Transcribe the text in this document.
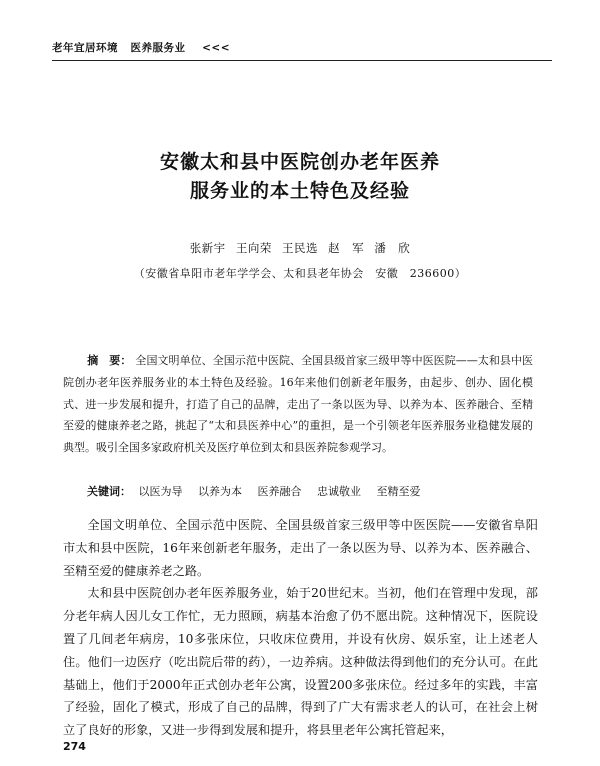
老年宜居环境 医养服务业 <<<
安徽太和县中医院创办老年医养
服务业的本土特色及经验
张新宇 王向荣 王民选 赵　军 潘　欣
（安徽省阜阳市老年学学会、太和县老年协会　安徽　236600）
摘　要： 全国文明单位、全国示范中医院、全国县级首家三级甲等中医医院——太和县中医院创办老年医养服务业的本土特色及经验。16年来他们创新老年服务，由起步、创办、固化模式、进一步发展和提升，打造了自己的品牌，走出了一条以医为导、以养为本、医养融合、至精至爱的健康养老之路，挑起了“太和县医养中心”的重担，是一个引领老年医养服务业稳健发展的典型。吸引全国多家政府机关及医疗单位到太和县医养院参观学习。
关键词： 以医为导 以养为本 医养融合 忠诚敬业 至精至爱

全国文明单位、全国示范中医院、全国县级首家三级甲等中医医院——安徽省阜阳市太和县中医院，16年来创新老年服务，走出了一条以医为导、以养为本、医养融合、至精至爱的健康养老之路。

太和县中医院创办老年医养服务业，始于20世纪末。当初，他们在管理中发现，部分老年病人因儿女工作忙，无力照顾，病基本治愈了仍不愿出院。这种情况下，医院设置了几间老年病房，10多张床位，只收床位费用，并设有伙房、娱乐室，让上述老人住。他们一边医疗（吃出院后带的药），一边养病。这种做法得到他们的充分认可。在此基础上，他们于2000年正式创办老年公寓，设置200多张床位。经过多年的实践，丰富了经验，固化了模式，形成了自己的品牌，得到了广大有需求老人的认可，在社会上树立了良好的形象，又进一步得到发展和提升，将县里老年公寓托管起来，

274
